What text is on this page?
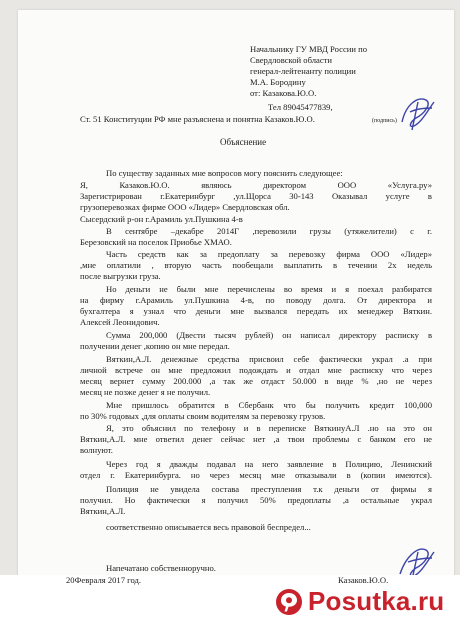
Начальнику ГУ МВД России по
Свердловской области
генерал-лейтенанту полиции
М.А. Бородину
от: Казакова.Ю.О.
Тел 89045477839,
Ст. 51 Конституции РФ мне разъяснена и понятна Казаков.Ю.О.	(подпись)
Объяснение
По существу заданных мне вопросов могу пояснить следующее:
Я, Казаков.Ю.О. являюсь директором ООО «Услуга.ру»
Зарегистрирован г.Екатеринбург ,ул.Щорса 30-143 Оказывал услуге в
грузоперевозках фирме ООО «Лидер» Свердловская обл.
Сысердский р-он г.Арамиль ул.Пушкина 4-в
В сентябре –декабре 2014Г ,перевозили грузы (утяжелители) с г.
Березовский на поселок Приобье ХМАО.
Часть средств как за предоплату за перевозку фирма ООО «Лидер»
,мне оплатили , вторую часть пообещали выплатить в течении 2х недель
после выгрузки груза.
Но деньги не были мне перечислены во время и я поехал разбиратся
на фирму г.Арамиль ул.Пушкина 4-в, по поводу долга. От директора и
бухгалтера я узнал что деньги мне вызвался передать их менеджер Вяткин.
Алексей Леонидович.
Сумма 200,000 (Двести тысяч рублей) он написал директору расписку в
получении денег ,копию он мне передал.
Вяткин,А.Л. денежные средства присвоил себе фактически украл .а при
личной встрече он мне предложил подождать и отдал мне расписку что через
месяц вернет сумму 200.000 ,а так же отдаст 50.000 в виде % ,но не через
месяц не позже денег я не получил.
Мне пришлось обратится в Сбербанк что бы получить кредит 100,000
по 30% годовых ,для оплаты своим водителям за перевозку грузов.
Я, это объяснил по телефону и в переписке ВяткинуА.Л .но на это он
Вяткин,А.Л. мне ответил денег сейчас нет ,а твои проблемы с банком его не
волнуют.
Через год я дважды подавал на него заявление в Полицию, Ленинский
отдел г. Екатеринбурга. но через месяц мне отказывали в (копии имеются).
Полиция не увидела состава преступления т.к деньги от фирмы я
получил. Но фактически я получил 50% предоплаты ,а остальные украл
Вяткин,А.Л.
соответственно описывается весь правовой беспредел...
Напечатано собственноручно.
20Февраля 2017 год.	Казаков.Ю.О.
Posutka.ru
